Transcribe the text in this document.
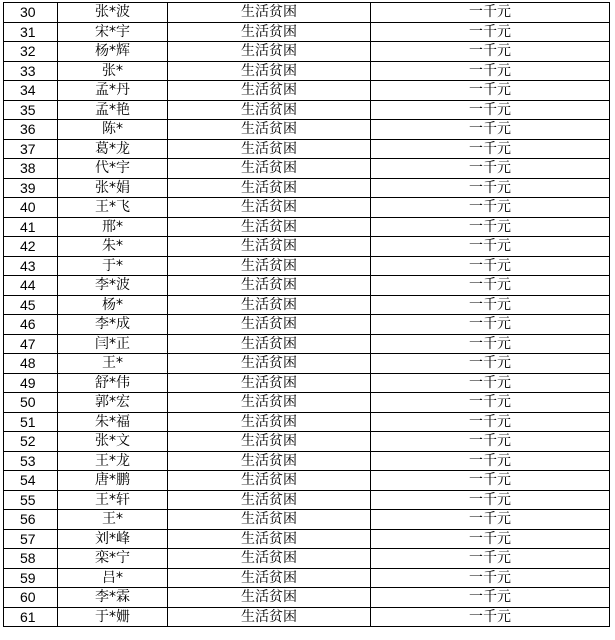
30	张*波	生活贫困	一千元
31	宋*宇	生活贫困	一千元
32	杨*辉	生活贫困	一千元
33	张*	生活贫困	一千元
34	孟*丹	生活贫困	一千元
35	孟*艳	生活贫困	一千元
36	陈*	生活贫困	一千元
37	葛*龙	生活贫困	一千元
38	代*宇	生活贫困	一千元
39	张*娟	生活贫困	一千元
40	王*飞	生活贫困	一千元
41	邢*	生活贫困	一千元
42	朱*	生活贫困	一千元
43	于*	生活贫困	一千元
44	李*波	生活贫困	一千元
45	杨*	生活贫困	一千元
46	李*成	生活贫困	一千元
47	闫*正	生活贫困	一千元
48	王*	生活贫困	一千元
49	舒*伟	生活贫困	一千元
50	郭*宏	生活贫困	一千元
51	朱*福	生活贫困	一千元
52	张*文	生活贫困	一千元
53	王*龙	生活贫困	一千元
54	唐*鹏	生活贫困	一千元
55	王*轩	生活贫困	一千元
56	王*	生活贫困	一千元
57	刘*峰	生活贫困	一千元
58	栾*宁	生活贫困	一千元
59	吕*	生活贫困	一千元
60	李*霖	生活贫困	一千元
61	于*姗	生活贫困	一千元
